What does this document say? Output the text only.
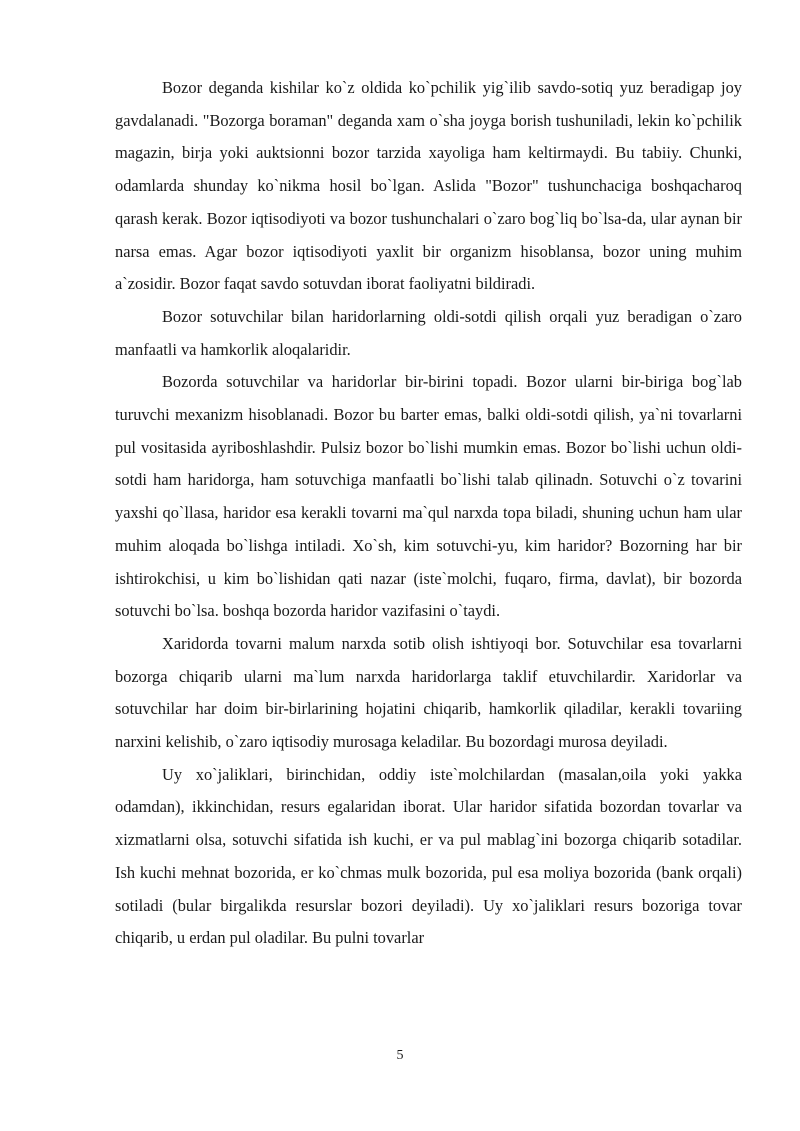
Bozor deganda kishilar ko`z oldida ko`pchilik yig`ilib savdo-sotiq yuz beradigap joy gavdalanadi. "Bozorga boraman" deganda xam o`sha joyga borish tushuniladi, lekin ko`pchilik magazin, birja yoki auktsionni bozor tarzida xayoliga ham keltirmaydi. Bu tabiiy. Chunki, odamlarda shunday ko`nikma hosil bo`lgan. Aslida "Bozor" tushunchaciga boshqacharoq qarash kerak. Bozor iqtisodiyoti va bozor tushunchalari o`zaro bog`liq bo`lsa-da, ular aynan bir narsa emas. Agar bozor iqtisodiyoti yaxlit bir organizm hisoblansa, bozor uning muhim a`zosidir. Bozor faqat savdo sotuvdan iborat faoliyatni bildiradi.

Bozor sotuvchilar bilan haridorlarning oldi-sotdi qilish orqali yuz beradigan o`zaro manfaatli va hamkorlik aloqalaridir.

Bozorda sotuvchilar va haridorlar bir-birini topadi. Bozor ularni bir-biriga bog`lab turuvchi mexanizm hisoblanadi. Bozor bu barter emas, balki oldi-sotdi qilish, ya`ni tovarlarni pul vositasida ayriboshlashdir. Pulsiz bozor bo`lishi mumkin emas. Bozor bo`lishi uchun oldi-sotdi ham haridorga, ham sotuvchiga manfaatli bo`lishi talab qilinadn. Sotuvchi o`z tovarini yaxshi qo`llasa, haridor esa kerakli tovarni ma`qul narxda topa biladi, shuning uchun ham ular muhim aloqada bo`lishga intiladi. Xo`sh, kim sotuvchi-yu, kim haridor? Bozorning har bir ishtirokchisi, u kim bo`lishidan qati nazar (iste`molchi, fuqaro, firma, davlat), bir bozorda sotuvchi bo`lsa. boshqa bozorda haridor vazifasini o`taydi.

Xaridorda tovarni malum narxda sotib olish ishtiyoqi bor. Sotuvchilar esa tovarlarni bozorga chiqarib ularni ma`lum narxda haridorlarga taklif etuvchilardir. Xaridorlar va sotuvchilar har doim bir-birlarining hojatini chiqarib, hamkorlik qiladilar, kerakli tovariing narxini kelishib, o`zaro iqtisodiy murosaga keladilar. Bu bozordagi murosa deyiladi.

Uy xo`jaliklari, birinchidan, oddiy iste`molchilardan (masalan,oila yoki yakka odamdan), ikkinchidan, resurs egalaridan iborat. Ular haridor sifatida bozordan tovarlar va xizmatlarni olsa, sotuvchi sifatida ish kuchi, er va pul mablag`ini bozorga chiqarib sotadilar. Ish kuchi mehnat bozorida, er ko`chmas mulk bozorida, pul esa moliya bozorida (bank orqali) sotiladi (bular birgalikda resurslar bozori deyiladi). Uy xo`jaliklari resurs bozoriga tovar chiqarib, u erdan pul oladilar. Bu pulni tovarlar

5
